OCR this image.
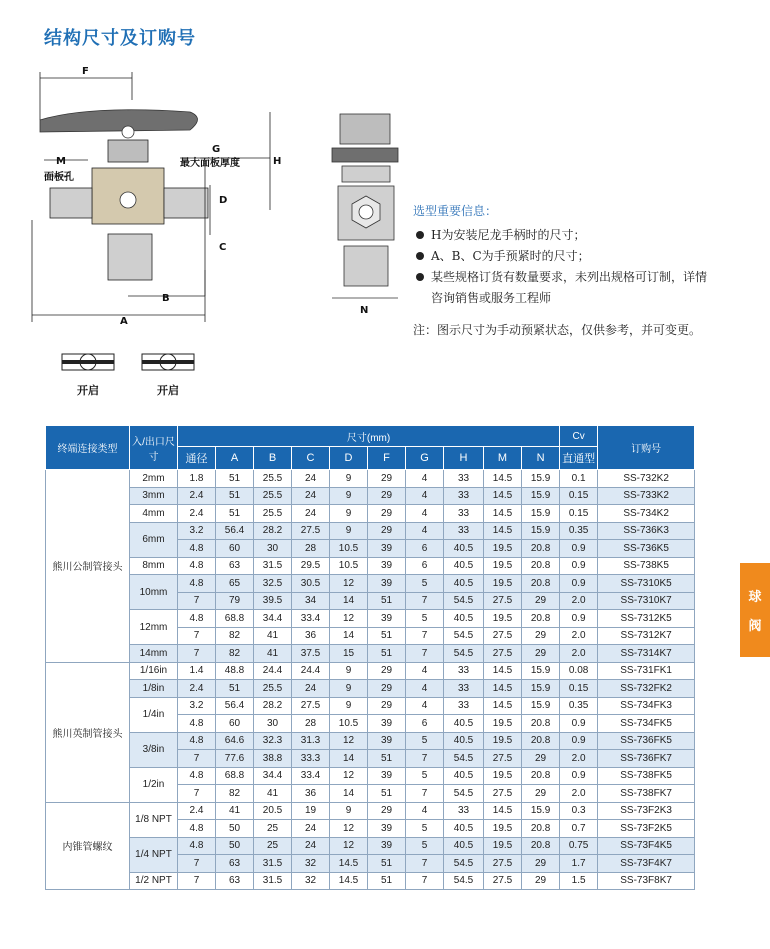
结构尺寸及订购号
F
G
最大面板厚度	H
M
面板孔
D
C
B
A
N
开启	开启
选型重要信息：
H为安装尼龙手柄时的尺寸；
A、B、C为手预紧时的尺寸；
某些规格订货有数量要求，未列出规格可订制，详情咨询销售或服务工程师
注：图示尺寸为手动预紧状态，仅供参考，并可变更。
球
阀
终端连接类型	入/出口尺寸	尺寸(mm)										Cv	订购号
		通径	A	B	C	D	F	G	H	M	N	直通型	
熊川公制管接头	2mm	1.8	51	25.5	24	9	29	4	33	14.5	15.9	0.1	SS-732K2
	3mm	2.4	51	25.5	24	9	29	4	33	14.5	15.9	0.15	SS-733K2
	4mm	2.4	51	25.5	24	9	29	4	33	14.5	15.9	0.15	SS-734K2
	6mm	3.2	56.4	28.2	27.5	9	29	4	33	14.5	15.9	0.35	SS-736K3
		4.8	60	30	28	10.5	39	6	40.5	19.5	20.8	0.9	SS-736K5
	8mm	4.8	63	31.5	29.5	10.5	39	6	40.5	19.5	20.8	0.9	SS-738K5
	10mm	4.8	65	32.5	30.5	12	39	5	40.5	19.5	20.8	0.9	SS-7310K5
		7	79	39.5	34	14	51	7	54.5	27.5	29	2.0	SS-7310K7
	12mm	4.8	68.8	34.4	33.4	12	39	5	40.5	19.5	20.8	0.9	SS-7312K5
		7	82	41	36	14	51	7	54.5	27.5	29	2.0	SS-7312K7
	14mm	7	82	41	37.5	15	51	7	54.5	27.5	29	2.0	SS-7314K7
熊川英制管接头	1/16in	1.4	48.8	24.4	24.4	9	29	4	33	14.5	15.9	0.08	SS-731FK1
	1/8in	2.4	51	25.5	24	9	29	4	33	14.5	15.9	0.15	SS-732FK2
	1/4in	3.2	56.4	28.2	27.5	9	29	4	33	14.5	15.9	0.35	SS-734FK3
		4.8	60	30	28	10.5	39	6	40.5	19.5	20.8	0.9	SS-734FK5
	3/8in	4.8	64.6	32.3	31.3	12	39	5	40.5	19.5	20.8	0.9	SS-736FK5
		7	77.6	38.8	33.3	14	51	7	54.5	27.5	29	2.0	SS-736FK7
	1/2in	4.8	68.8	34.4	33.4	12	39	5	40.5	19.5	20.8	0.9	SS-738FK5
		7	82	41	36	14	51	7	54.5	27.5	29	2.0	SS-738FK7
内锥管螺纹	1/8 NPT	2.4	41	20.5	19	9	29	4	33	14.5	15.9	0.3	SS-73F2K3
		4.8	50	25	24	12	39	5	40.5	19.5	20.8	0.7	SS-73F2K5
	1/4 NPT	4.8	50	25	24	12	39	5	40.5	19.5	20.8	0.75	SS-73F4K5
		7	63	31.5	32	14.5	51	7	54.5	27.5	29	1.7	SS-73F4K7
	1/2 NPT	7	63	31.5	32	14.5	51	7	54.5	27.5	29	1.5	SS-73F8K7
